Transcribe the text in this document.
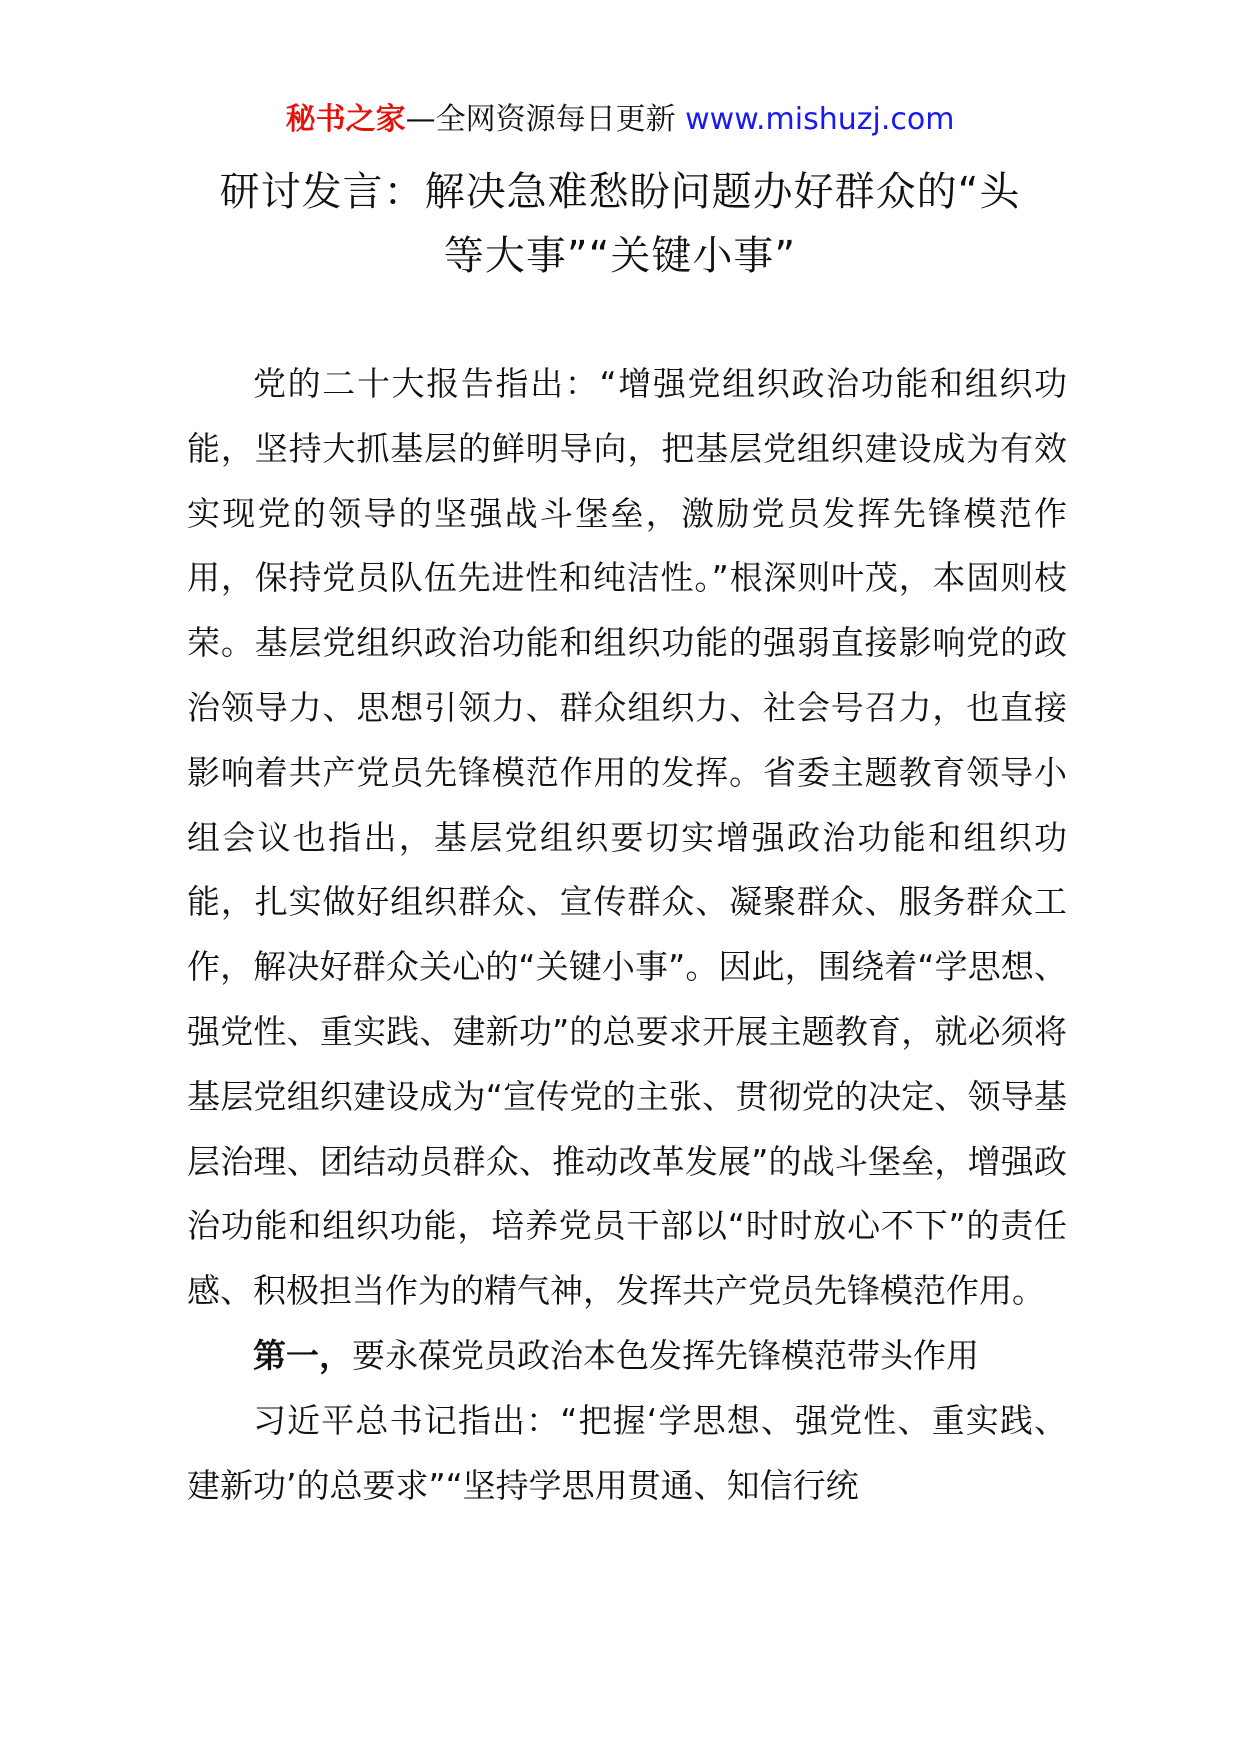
秘书之家—全网资源每日更新 www.mishuzj.com
研讨发言：解决急难愁盼问题办好群众的“头
等大事”“关键小事”

党的二十大报告指出：“增强党组织政治功能和组织功能，坚持大抓基层的鲜明导向，把基层党组织建设成为有效实现党的领导的坚强战斗堡垒，激励党员发挥先锋模范作用，保持党员队伍先进性和纯洁性。”根深则叶茂，本固则枝荣。基层党组织政治功能和组织功能的强弱直接影响党的政治领导力、思想引领力、群众组织力、社会号召力，也直接影响着共产党员先锋模范作用的发挥。省委主题教育领导小组会议也指出，基层党组织要切实增强政治功能和组织功能，扎实做好组织群众、宣传群众、凝聚群众、服务群众工作，解决好群众关心的“关键小事”。因此，围绕着“学思想、强党性、重实践、建新功”的总要求开展主题教育，就必须将基层党组织建设成为“宣传党的主张、贯彻党的决定、领导基层治理、团结动员群众、推动改革发展”的战斗堡垒，增强政治功能和组织功能，培养党员干部以“时时放心不下”的责任感、积极担当作为的精气神，发挥共产党员先锋模范作用。

第一，要永葆党员政治本色发挥先锋模范带头作用

习近平总书记指出：“把握‘学思想、强党性、重实践、建新功’的总要求”“坚持学思用贯通、知信行统
